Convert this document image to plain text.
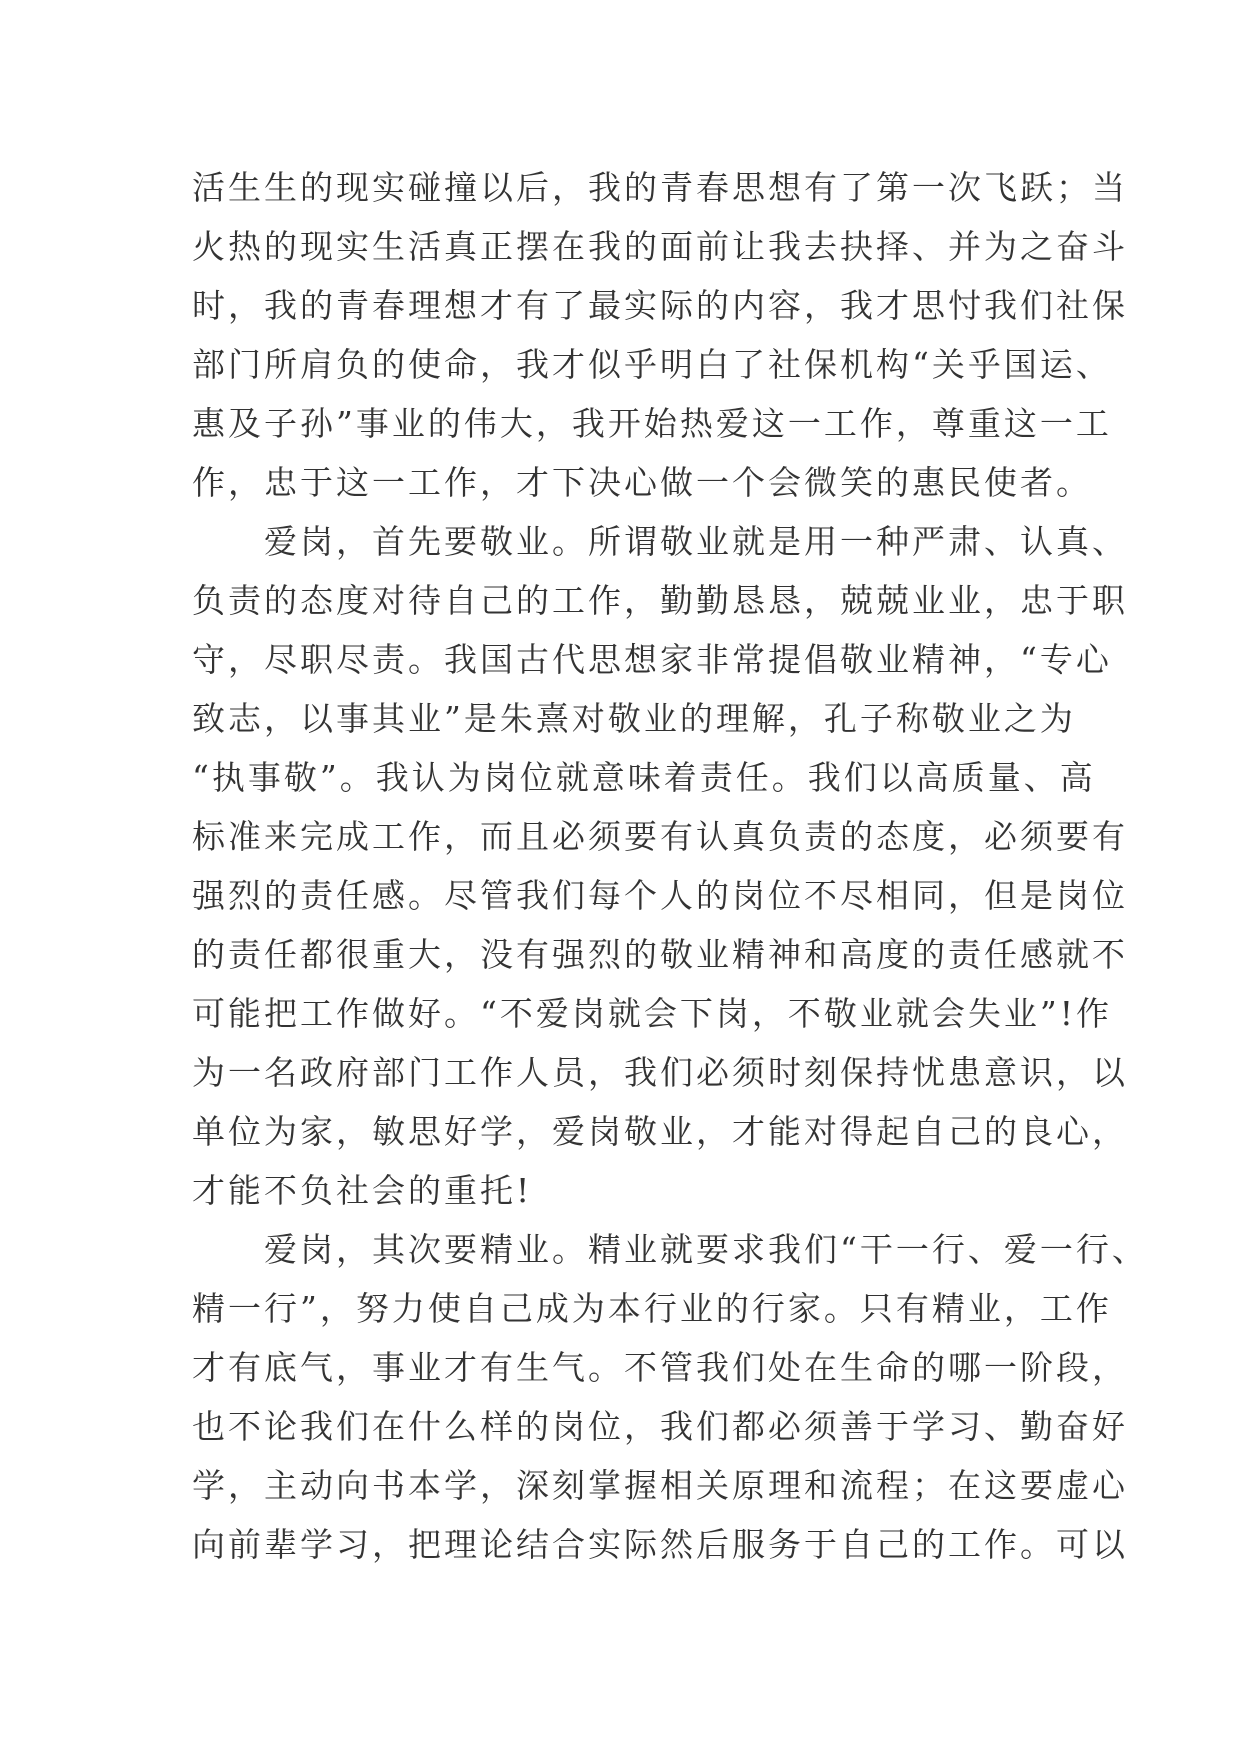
活生生的现实碰撞以后，我的青春思想有了第一次飞跃；当
火热的现实生活真正摆在我的面前让我去抉择、并为之奋斗
时，我的青春理想才有了最实际的内容，我才思忖我们社保
部门所肩负的使命，我才似乎明白了社保机构“关乎国运、
惠及子孙”事业的伟大，我开始热爱这一工作，尊重这一工
作，忠于这一工作，才下决心做一个会微笑的惠民使者。
爱岗，首先要敬业。所谓敬业就是用一种严肃、认真、
负责的态度对待自己的工作，勤勤恳恳，兢兢业业，忠于职
守，尽职尽责。我国古代思想家非常提倡敬业精神，“专心
致志，以事其业”是朱熹对敬业的理解，孔子称敬业之为
“执事敬”。我认为岗位就意味着责任。我们以高质量、高
标准来完成工作，而且必须要有认真负责的态度，必须要有
强烈的责任感。尽管我们每个人的岗位不尽相同，但是岗位
的责任都很重大，没有强烈的敬业精神和高度的责任感就不
可能把工作做好。“不爱岗就会下岗，不敬业就会失业”!作
为一名政府部门工作人员，我们必须时刻保持忧患意识，以
单位为家，敏思好学，爱岗敬业，才能对得起自己的良心，
才能不负社会的重托!
爱岗，其次要精业。精业就要求我们“干一行、爱一行、
精一行”，努力使自己成为本行业的行家。只有精业，工作
才有底气，事业才有生气。不管我们处在生命的哪一阶段，
也不论我们在什么样的岗位，我们都必须善于学习、勤奋好
学，主动向书本学，深刻掌握相关原理和流程；在这要虚心
向前辈学习，把理论结合实际然后服务于自己的工作。可以
